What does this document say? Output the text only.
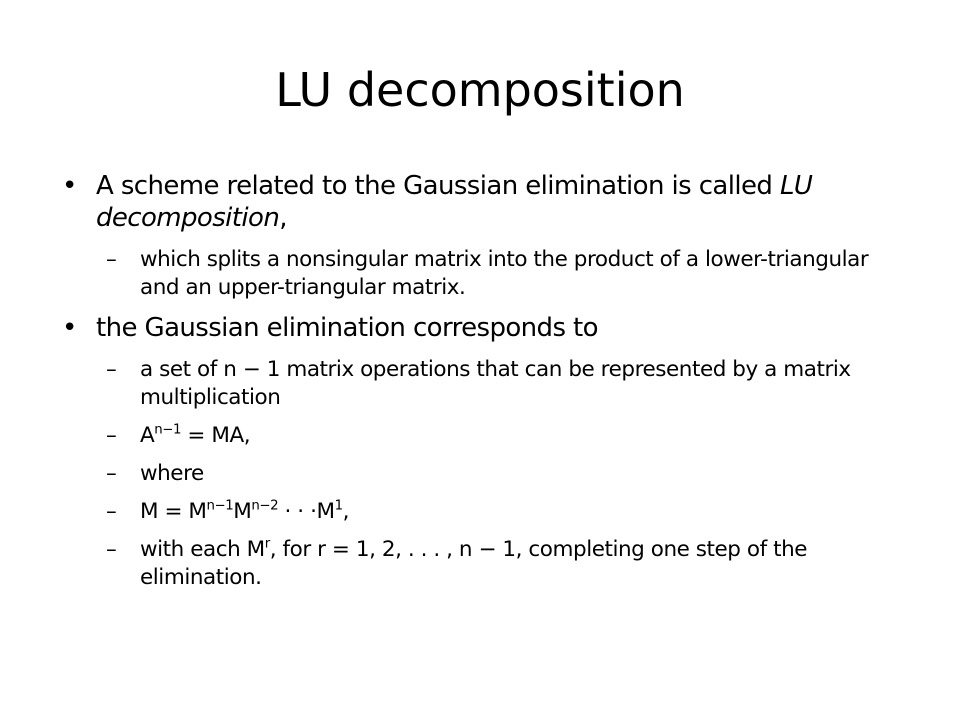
LU decomposition
• A scheme related to the Gaussian elimination is called LU decomposition,
– which splits a nonsingular matrix into the product of a lower-triangular and an upper-triangular matrix.
• the Gaussian elimination corresponds to
– a set of n − 1 matrix operations that can be represented by a matrix multiplication
– $A^{n-1}$ = MA,
– where
– $M = M^{n-1}M^{n-2}$ · · $\cdot M^1$,
– with each $M^r$, for r = 1, 2, . . . , n − 1, completing one step of the elimination.
